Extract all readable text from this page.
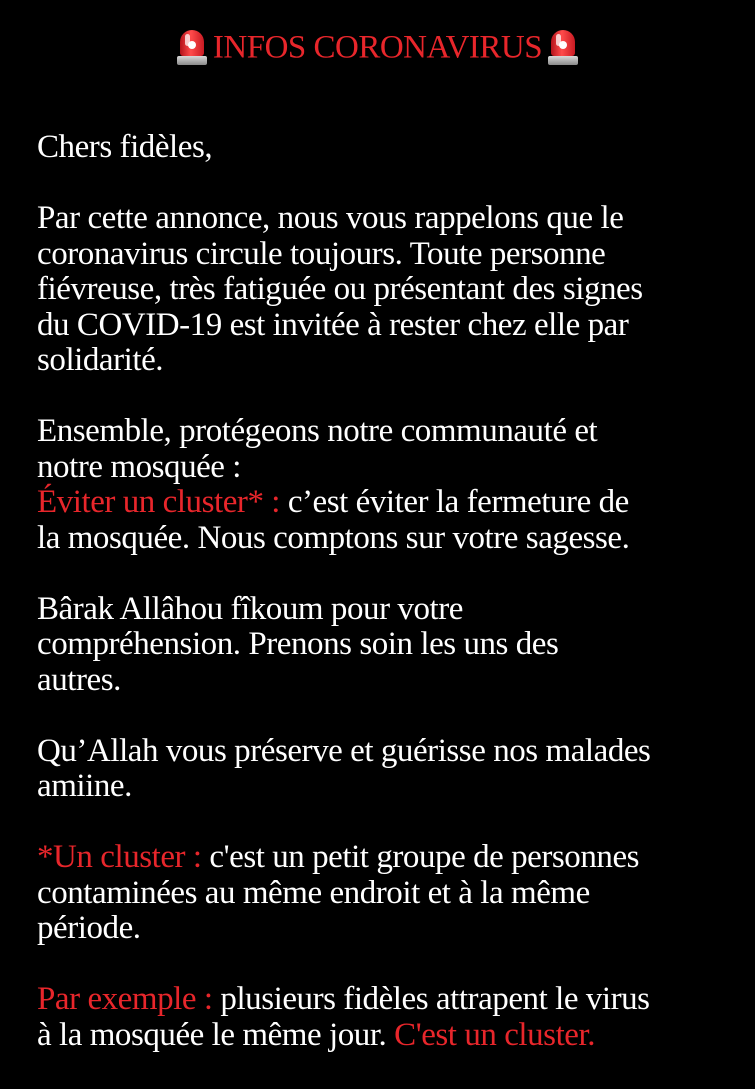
INFOS CORONAVIRUS
Chers fidèles,
Par cette annonce, nous vous rappelons que le
coronavirus circule toujours. Toute personne
fiévreuse, très fatiguée ou présentant des signes
du COVID-19 est invitée à rester chez elle par
solidarité.
Ensemble, protégeons notre communauté et
notre mosquée :
Éviter un cluster* : c’est éviter la fermeture de
la mosquée. Nous comptons sur votre sagesse.
Bârak Allâhou fîkoum pour votre
compréhension. Prenons soin les uns des
autres.
Qu’Allah vous préserve et guérisse nos malades
amiine.
*Un cluster : c'est un petit groupe de personnes
contaminées au même endroit et à la même
période.
Par exemple : plusieurs fidèles attrapent le virus
à la mosquée le même jour. C'est un cluster.
